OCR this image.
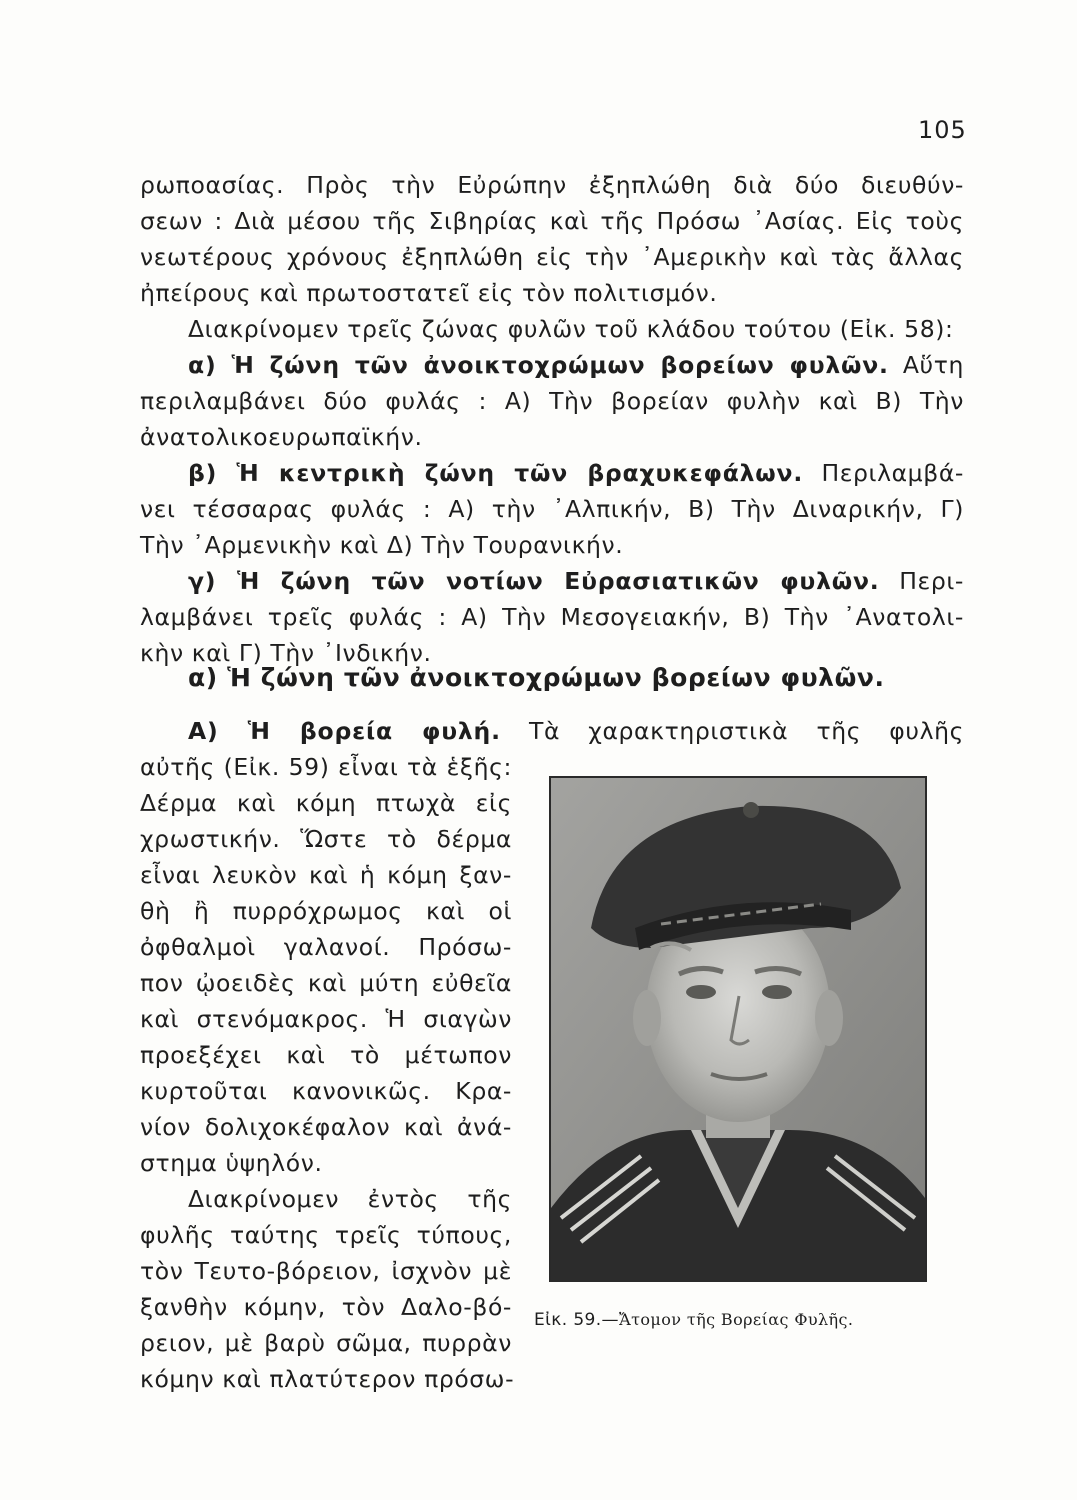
105
ρωποασίας. Πρὸς τὴν Εὐρώπην ἐξηπλώθη διὰ δύο διευθύν-
σεων : Διὰ μέσου τῆς Σιβηρίας καὶ τῆς Πρόσω ᾽Ασίας. Εἰς τοὺς
νεωτέρους χρόνους ἐξηπλώθη εἰς τὴν ᾽Αμερικὴν καὶ τὰς ἄλλας
ἠπείρους καὶ πρωτοστατεῖ εἰς τὸν πολιτισμόν.
Διακρίνομεν τρεῖς ζώνας φυλῶν τοῦ κλάδου τούτου (Εἰκ. 58):
α) Ἡ ζώνη τῶν ἀνοικτοχρώμων βορείων φυλῶν. Αὕτη
περιλαμβάνει δύο φυλάς : Α) Τὴν βορείαν φυλὴν καὶ Β) Τὴν
ἀνατολικοευρωπαϊκήν.
β) Ἡ κεντρικὴ ζώνη τῶν βραχυκεφάλων. Περιλαμβά-
νει τέσσαρας φυλάς : Α) τὴν ᾽Αλπικήν, Β) Τὴν Διναρικήν, Γ)
Τὴν ᾽Αρμενικὴν καὶ Δ) Τὴν Τουρανικήν.
γ) Ἡ ζώνη τῶν νοτίων Εὐρασιατικῶν φυλῶν. Περι-
λαμβάνει τρεῖς φυλάς : Α) Τὴν Μεσογειακήν, Β) Τὴν ᾽Ανατολι-
κὴν καὶ Γ) Τὴν ᾽Ινδικήν.
α) Ἡ ζώνη τῶν ἀνοικτοχρώμων βορείων φυλῶν.
Α) Ἡ βορεία φυλή. Τὰ χαρακτηριστικὰ τῆς φυλῆς
αὐτῆς (Εἰκ. 59) εἶναι τὰ ἑξῆς:
Δέρμα καὶ κόμη πτωχὰ εἰς
χρωστικήν. Ὥστε τὸ δέρμα
εἶναι λευκὸν καὶ ἡ κόμη ξαν-
θὴ ἢ πυρρόχρωμος καὶ οἱ
ὀφθαλμοὶ γαλανοί. Πρόσω-
πον ᾠοειδὲς καὶ μύτη εὐθεῖα
καὶ στενόμακρος. Ἡ σιαγὼν
προεξέχει καὶ τὸ μέτωπον
κυρτοῦται κανονικῶς. Κρα-
νίον δολιχοκέφαλον καὶ ἀνά-
στημα ὑψηλόν.
Διακρίνομεν ἐντὸς τῆς
φυλῆς ταύτης τρεῖς τύπους,
τὸν Τευτο-βόρειον, ἰσχνὸν μὲ
ξανθὴν κόμην, τὸν Δαλο-βό-
ρειον, μὲ βαρὺ σῶμα, πυρρὰν
κόμην καὶ πλατύτερον πρόσω-
Εἰκ. 59.—Ἄτομον τῆς Βορείας Φυλῆς.
